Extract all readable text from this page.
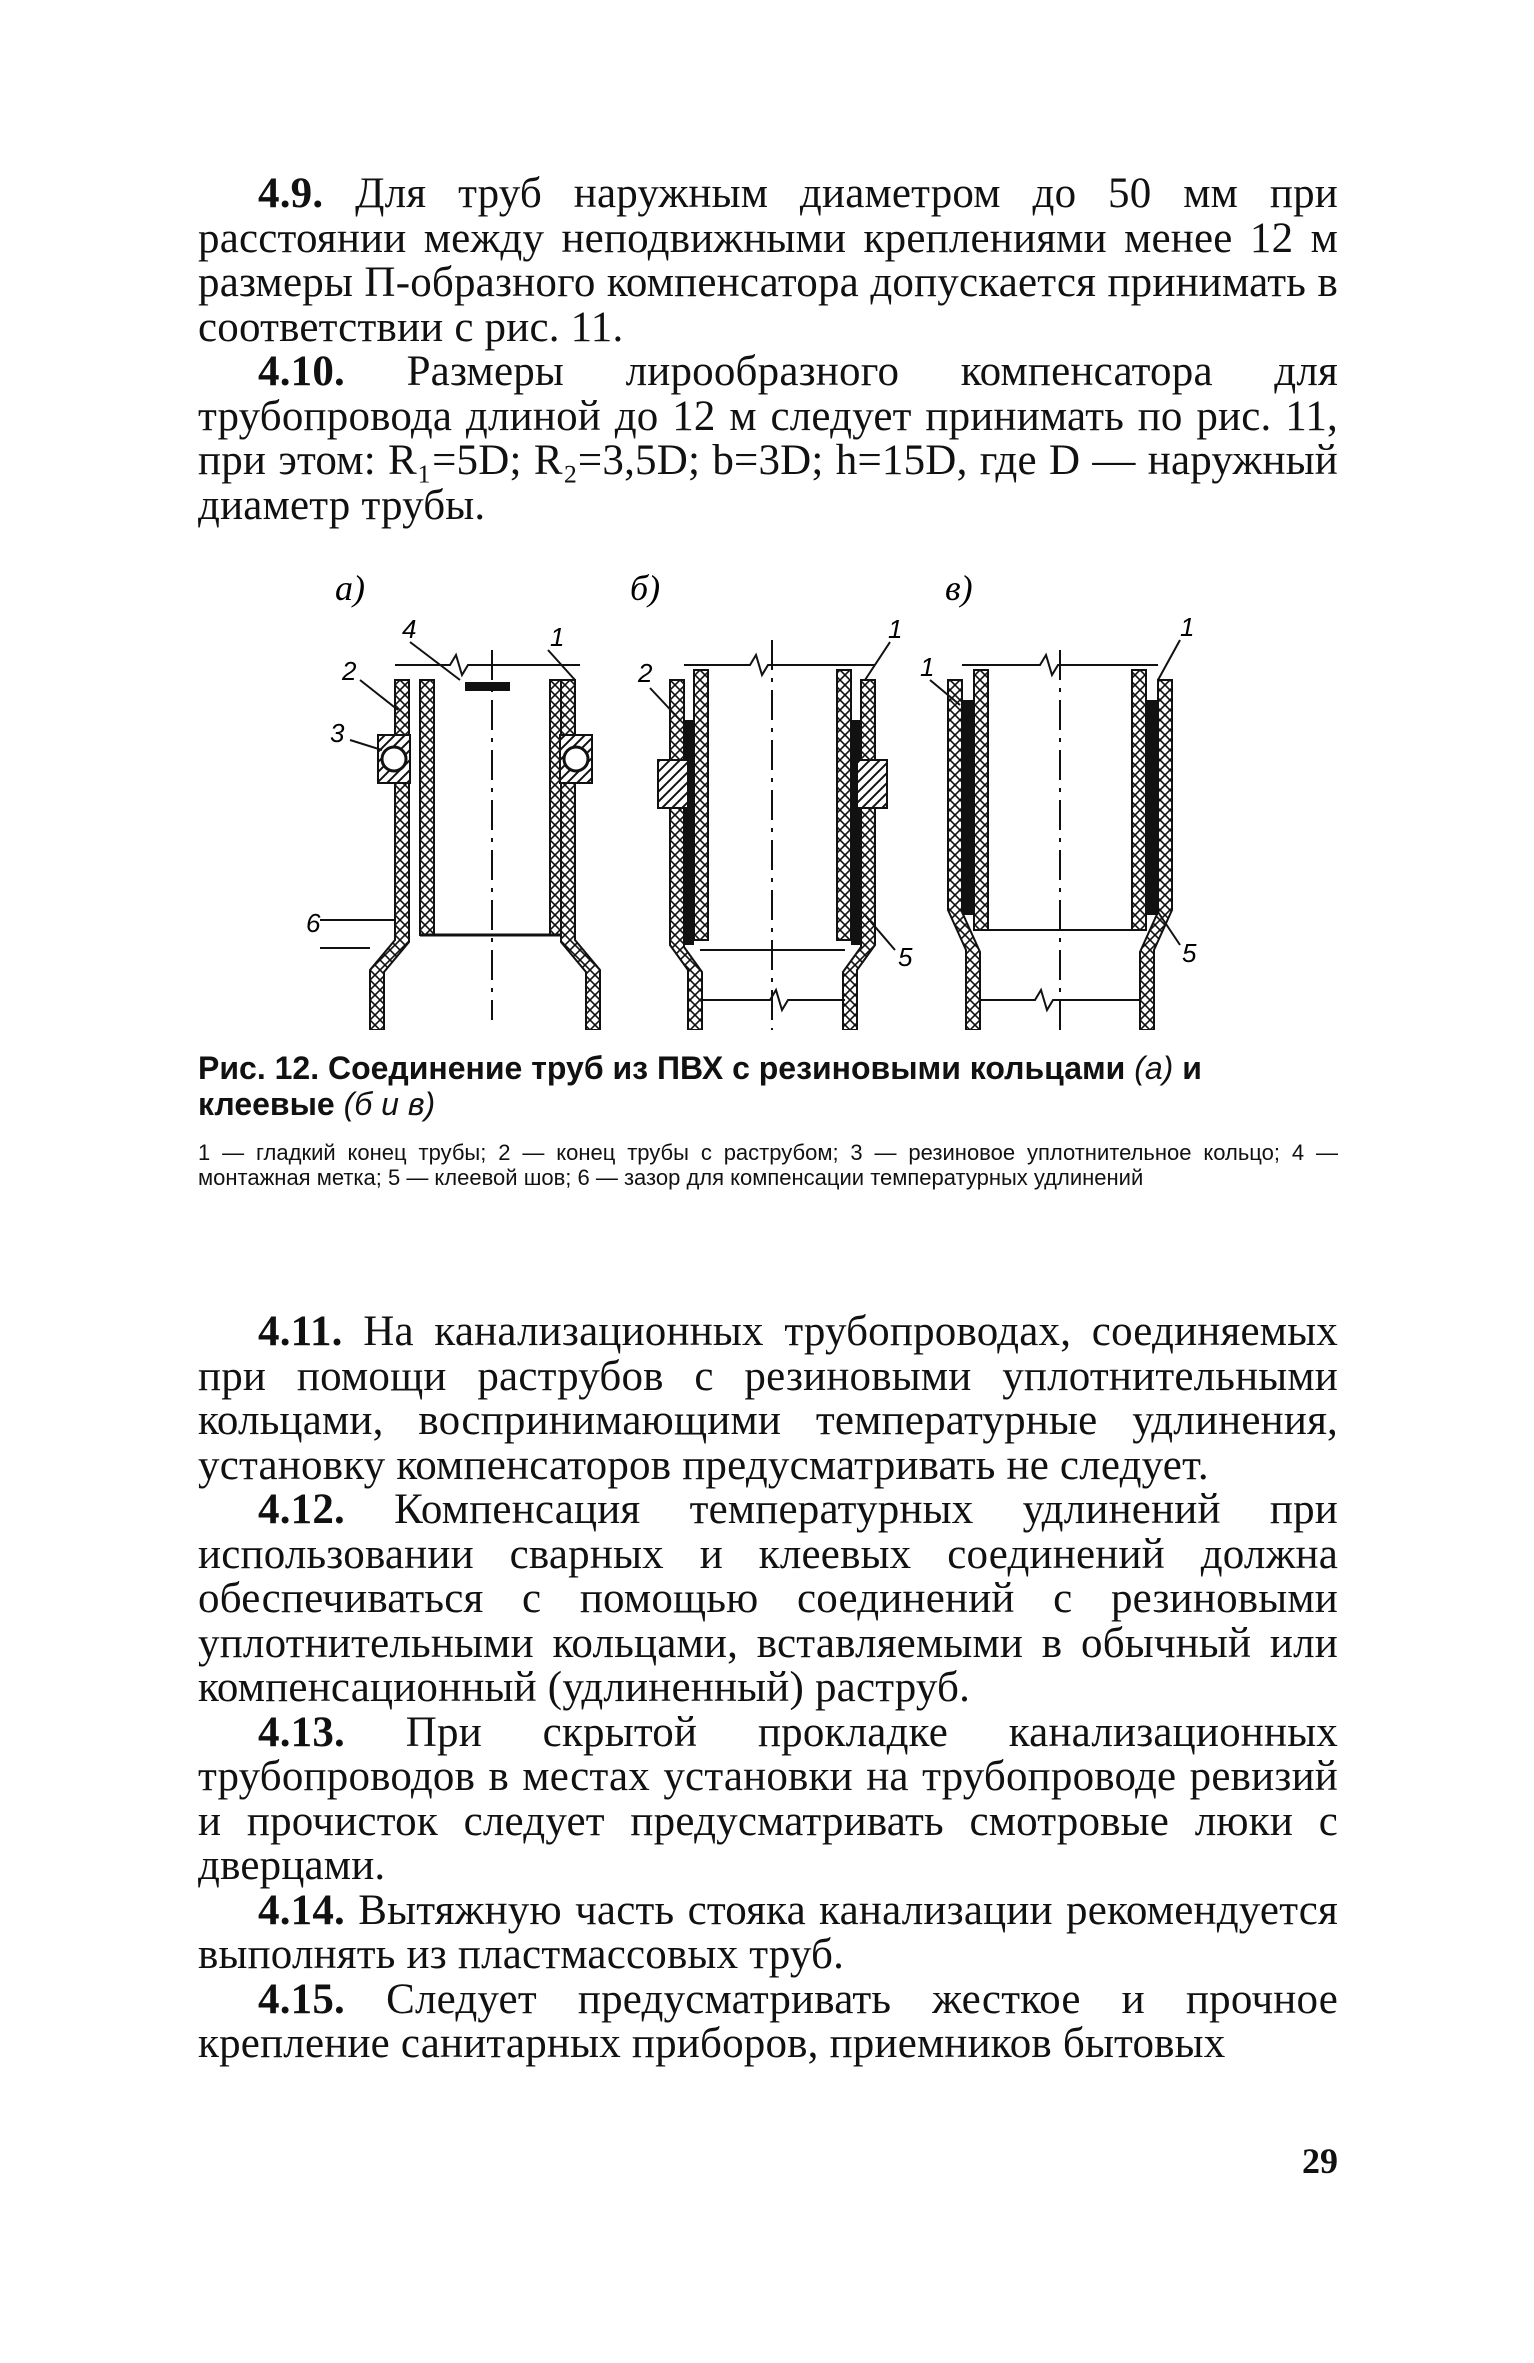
4.9. Для труб наружным диаметром до 50 мм при расстоянии между неподвижными креплениями менее 12 м размеры П-образного компенсатора допускается принимать в соответствии с рис. 11.

4.10. Размеры лирообразного компенсатора для трубопровода длиной до 12 м следует принимать по рис. 11, при этом: R₁=5D; R₂=3,5D; b=3D; h=15D, где D — наружный диаметр трубы.

а)
4	1
2
3
6
б)
2
1
5
в)
1
1
5
Рис. 12. Соединение труб из ПВХ с резиновыми кольцами (а) и клеевые (б и в)
1 — гладкий конец трубы; 2 — конец трубы с раструбом; 3 — резиновое уплотнительное кольцо; 4 — монтажная метка; 5 — клеевой шов; 6 — зазор для компенсации температурных удлинений

4.11. На канализационных трубопроводах, соединяемых при помощи раструбов с резиновыми уплотнительными кольцами, воспринимающими температурные удлинения, установку компенсаторов предусматривать не следует.

4.12. Компенсация температурных удлинений при использовании сварных и клеевых соединений должна обеспечиваться с помощью соединений с резиновыми уплотнительными кольцами, вставляемыми в обычный или компенсационный (удлиненный) раструб.

4.13. При скрытой прокладке канализационных трубопроводов в местах установки на трубопроводе ревизий и прочисток следует предусматривать смотровые люки с дверцами.

4.14. Вытяжную часть стояка канализации рекомендуется выполнять из пластмассовых труб.

4.15. Следует предусматривать жесткое и прочное крепление санитарных приборов, приемников бытовых

29
